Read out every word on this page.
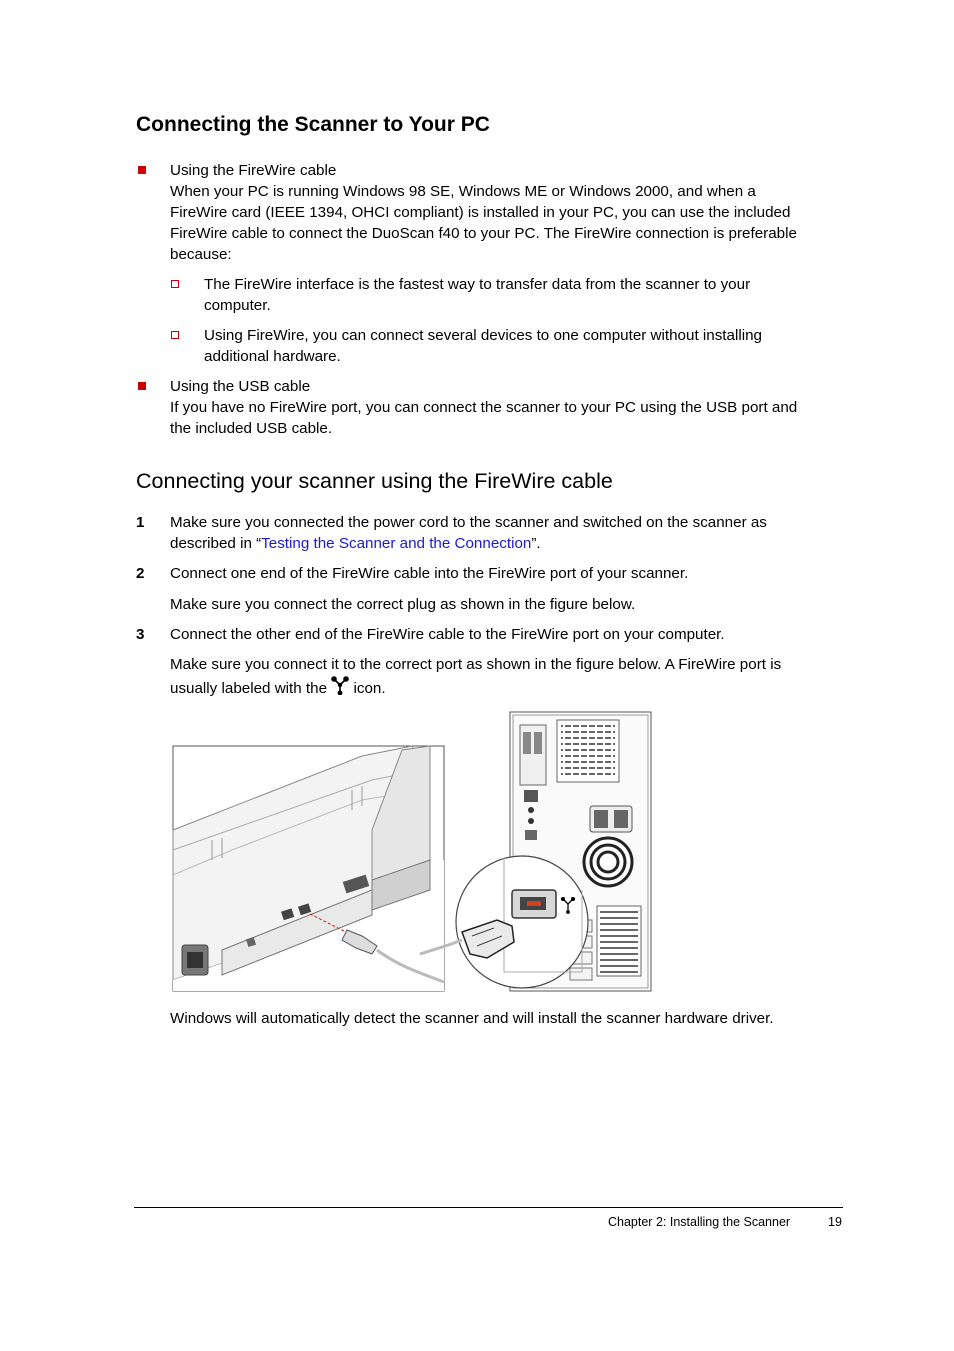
Connecting the Scanner to Your PC

Using the FireWire cable

When your PC is running Windows 98 SE, Windows ME or Windows 2000, and when a

FireWire card (IEEE 1394, OHCI compliant) is installed in your PC, you can use the included

FireWire cable to connect the DuoScan f40 to your PC. The FireWire connection is preferable

because:

The FireWire interface is the fastest way to transfer data from the scanner to your

computer.

Using FireWire, you can connect several devices to one computer without installing

additional hardware.

Using the USB cable

If you have no FireWire port, you can connect the scanner to your PC using the USB port and

the included USB cable.

Connecting your scanner using the FireWire cable
1 Make sure you connected the power cord to the scanner and switched on the scanner as

described in “Testing the Scanner and the Connection”.

2 Connect one end of the FireWire cable into the FireWire port of your scanner.

Make sure you connect the correct plug as shown in the figure below.

3 Connect the other end of the FireWire cable to the FireWire port on your computer.

Make sure you connect it to the correct port as shown in the figure below. A FireWire port is

usually labeled with the  icon.

Windows will automatically detect the scanner and will install the scanner hardware driver.

Chapter 2: Installing the Scanner	19
